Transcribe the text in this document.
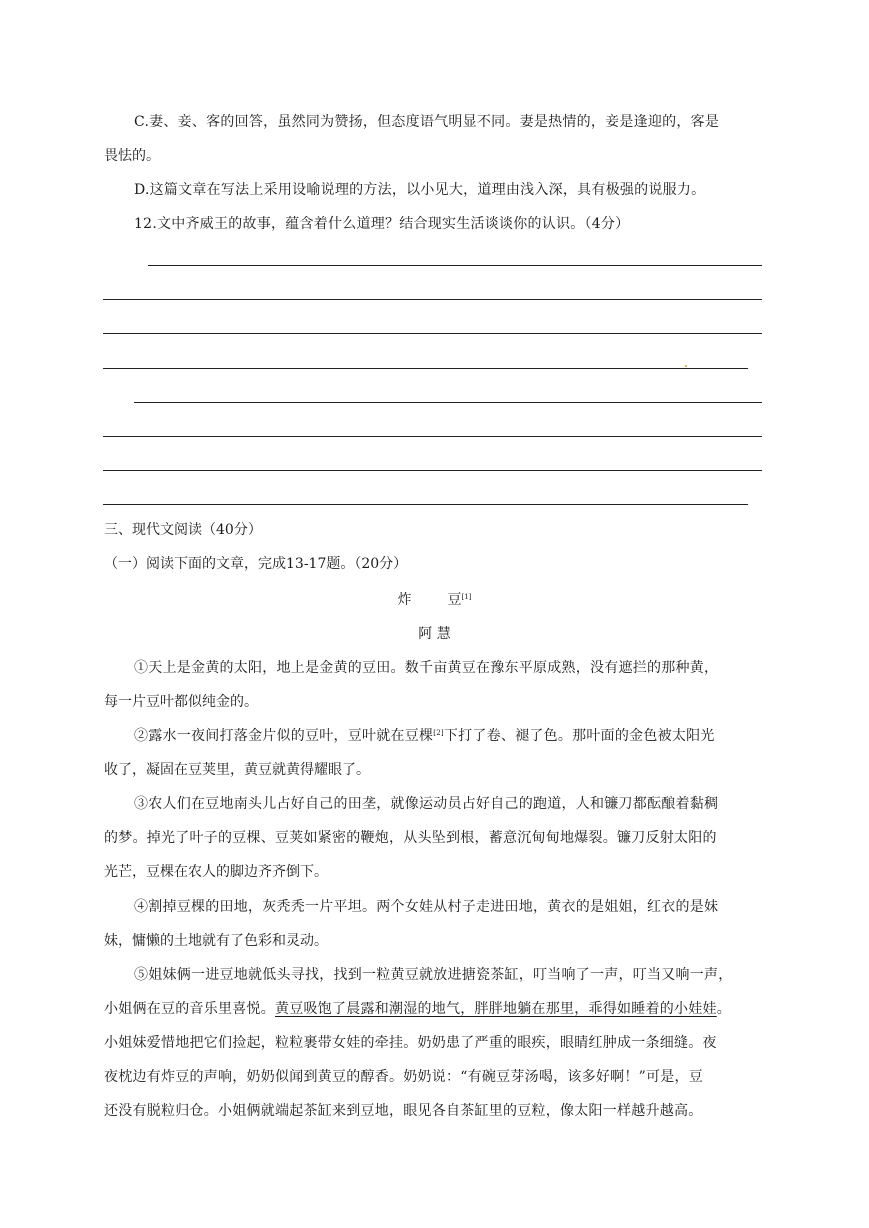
C.妻、妾、客的回答，虽然同为赞扬，但态度语气明显不同。妻是热情的，妾是逢迎的，客是
畏怯的。
D.这篇文章在写法上采用设喻说理的方法，以小见大，道理由浅入深，具有极强的说服力。
12.文中齐威王的故事，蕴含着什么道理？结合现实生活谈谈你的认识。（4分）
三、现代文阅读（40分）
（一）阅读下面的文章，完成13-17题。（20分）
炸	豆[1]
阿 慧
①天上是金黄的太阳，地上是金黄的豆田。数千亩黄豆在豫东平原成熟，没有遮拦的那种黄，
每一片豆叶都似纯金的。
②露水一夜间打落金片似的豆叶，豆叶就在豆棵[2]下打了卷、褪了色。那叶面的金色被太阳光
收了，凝固在豆荚里，黄豆就黄得耀眼了。
③农人们在豆地南头儿占好自己的田垄，就像运动员占好自己的跑道，人和镰刀都酝酿着黏稠
的梦。掉光了叶子的豆棵、豆荚如紧密的鞭炮，从头坠到根，蓄意沉甸甸地爆裂。镰刀反射太阳的
光芒，豆棵在农人的脚边齐齐倒下。
④割掉豆棵的田地，灰秃秃一片平坦。两个女娃从村子走进田地，黄衣的是姐姐，红衣的是妹
妹，慵懒的土地就有了色彩和灵动。
⑤姐妹俩一进豆地就低头寻找，找到一粒黄豆就放进搪瓷茶缸，叮当响了一声，叮当又响一声，
小姐俩在豆的音乐里喜悦。黄豆吸饱了晨露和潮湿的地气，胖胖地躺在那里，乖得如睡着的小娃娃。
小姐妹爱惜地把它们捡起，粒粒裹带女娃的牵挂。奶奶患了严重的眼疾，眼睛红肿成一条细缝。夜
夜枕边有炸豆的声响，奶奶似闻到黄豆的醇香。奶奶说：“有碗豆芽汤喝，该多好啊！”可是，豆
还没有脱粒归仓。小姐俩就端起茶缸来到豆地，眼见各自茶缸里的豆粒，像太阳一样越升越高。
